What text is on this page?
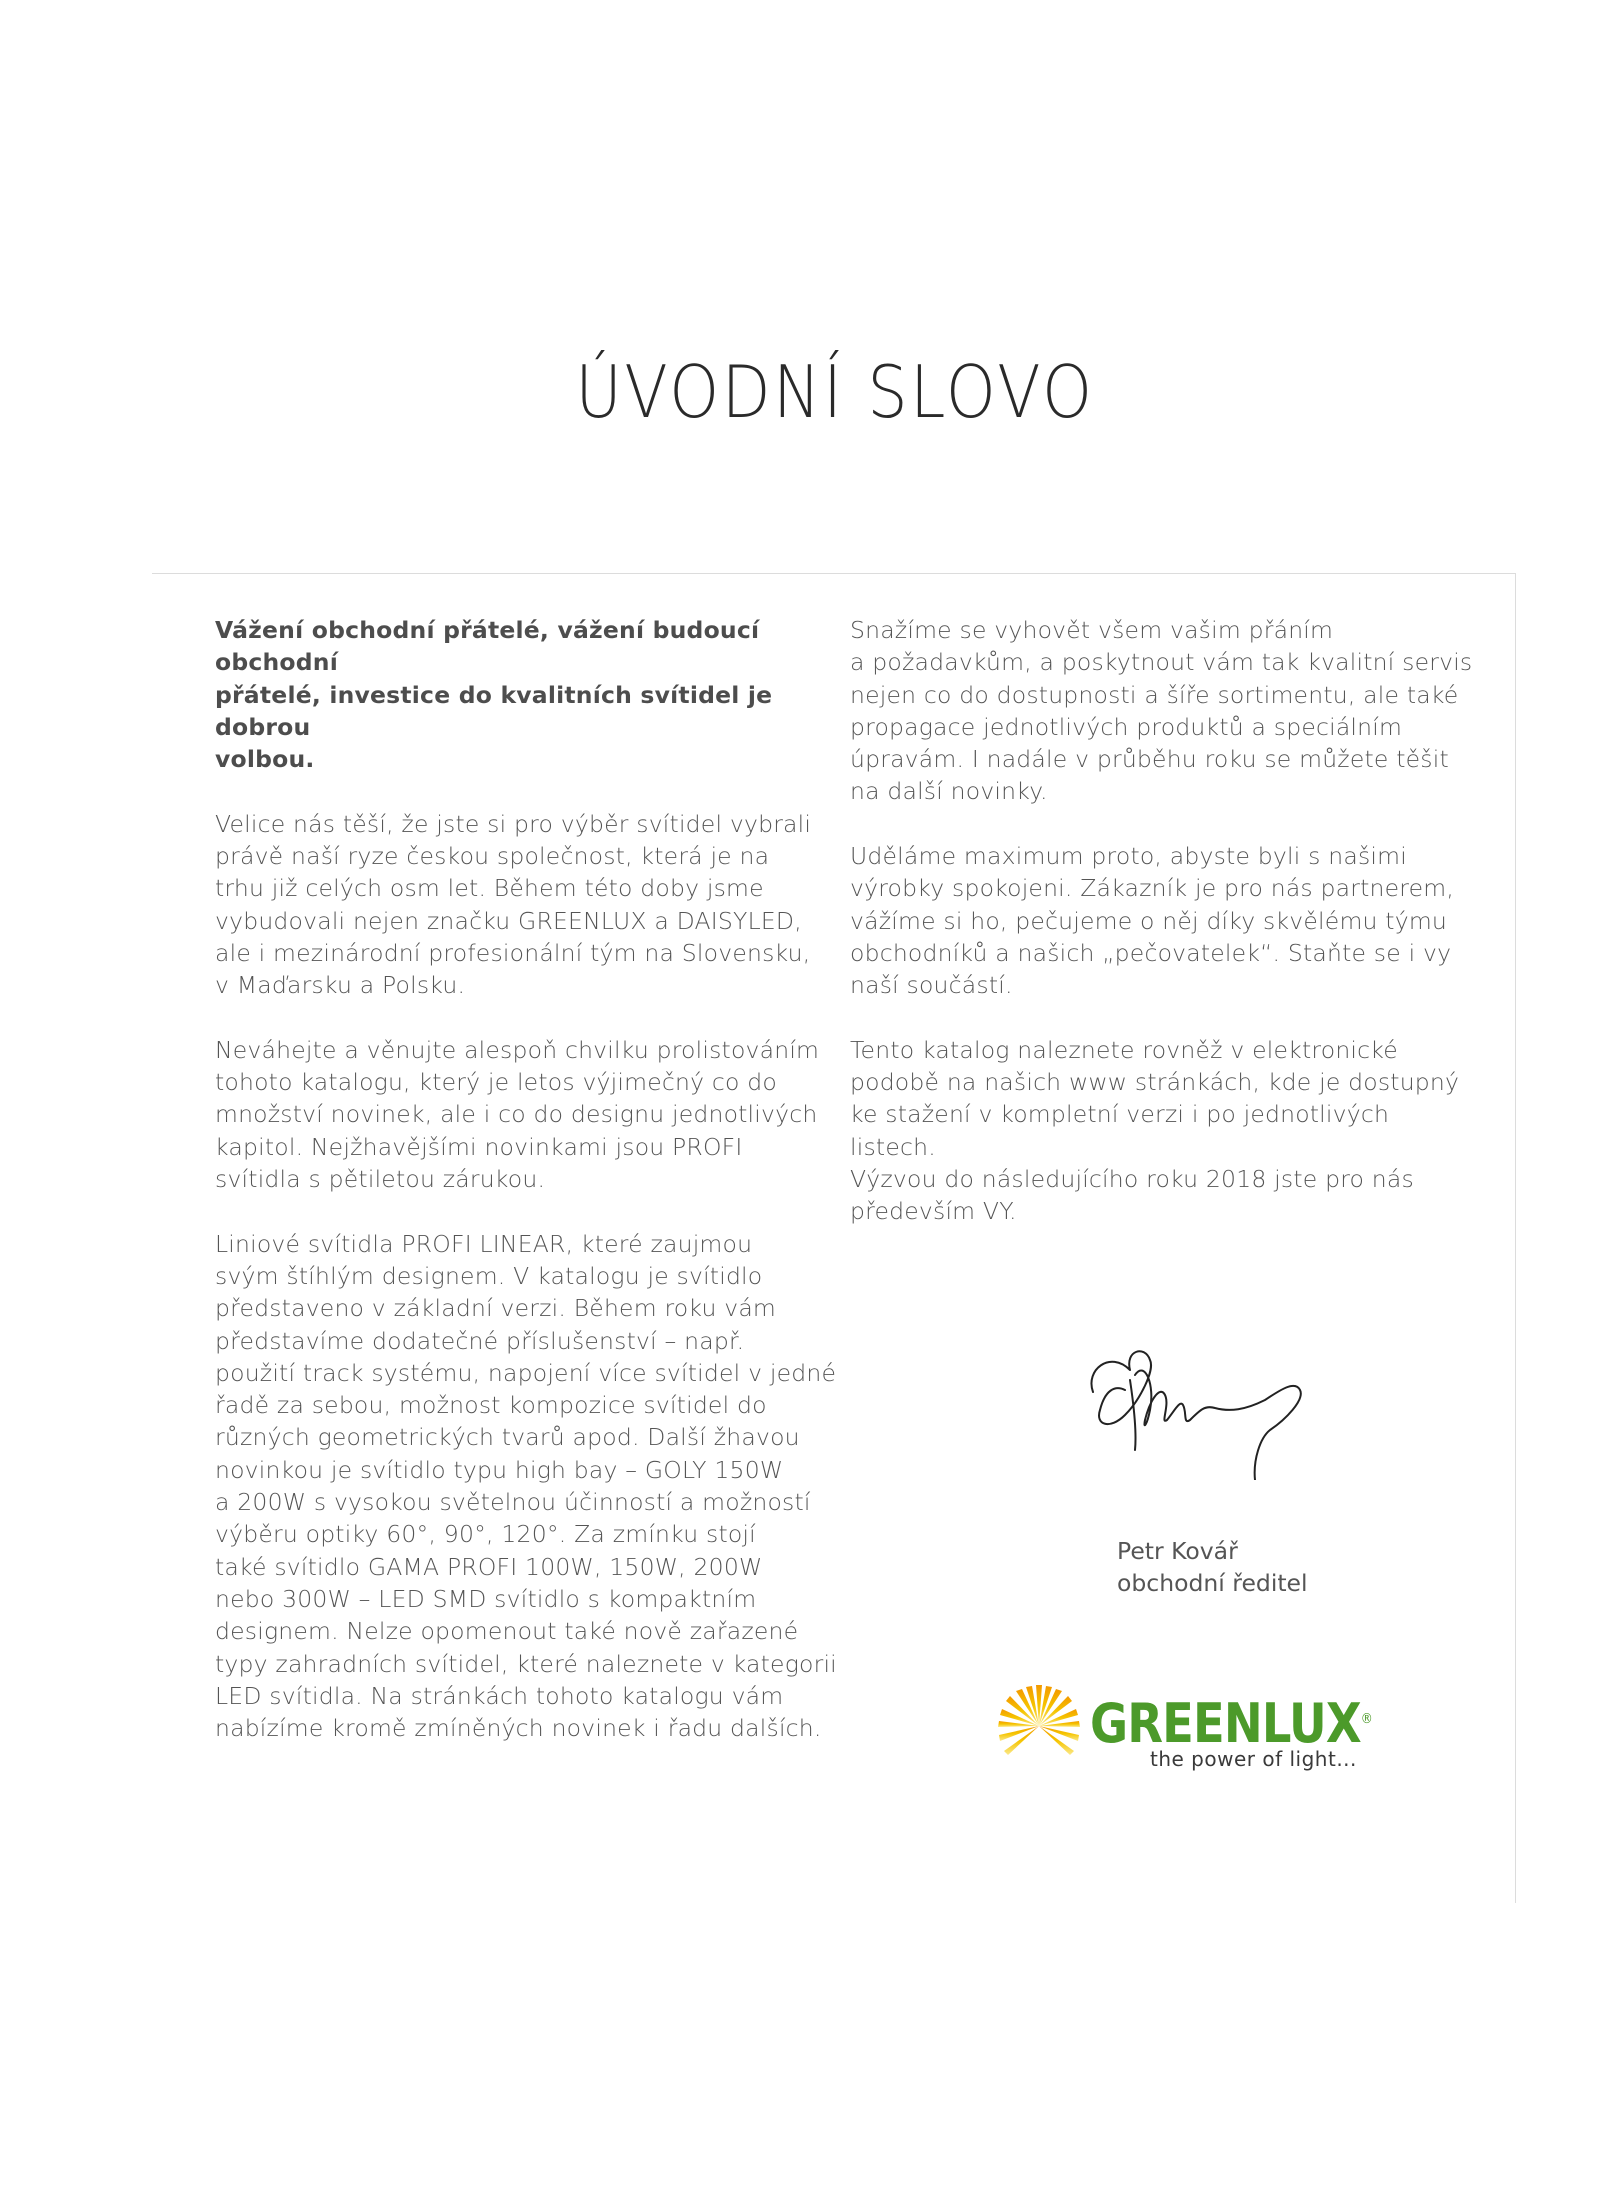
ÚVODNÍ SLOVO

Vážení obchodní přátelé, vážení budoucí obchodní
přátelé, investice do kvalitních svítidel je dobrou
volbou.

Velice nás těší, že jste si pro výběr svítidel vybrali
právě naší ryze českou společnost, která je na
trhu již celých osm let. Během této doby jsme
vybudovali nejen značku GREENLUX a DAISYLED,
ale i mezinárodní profesionální tým na Slovensku,
v Maďarsku a Polsku.

Neváhejte a věnujte alespoň chvilku prolistováním
tohoto katalogu, který je letos výjimečný co do
množství novinek, ale i co do designu jednotlivých
kapitol. Nejžhavějšími novinkami jsou PROFI
svítidla s pětiletou zárukou.

Liniové svítidla PROFI LINEAR, které zaujmou
svým štíhlým designem. V katalogu je svítidlo
představeno v základní verzi. Během roku vám
představíme dodatečné příslušenství – např.
použití track systému, napojení více svítidel v jedné
řadě za sebou, možnost kompozice svítidel do
různých geometrických tvarů apod. Další žhavou
novinkou je svítidlo typu high bay – GOLY 150W
a 200W s vysokou světelnou účinností a možností
výběru optiky 60°, 90°, 120°. Za zmínku stojí
také svítidlo GAMA PROFI 100W, 150W, 200W
nebo 300W – LED SMD svítidlo s kompaktním
designem. Nelze opomenout také nově zařazené
typy zahradních svítidel, které naleznete v kategorii
LED svítidla. Na stránkách tohoto katalogu vám
nabízíme kromě zmíněných novinek i řadu dalších.

Snažíme se vyhovět všem vašim přáním
a požadavkům, a poskytnout vám tak kvalitní servis
nejen co do dostupnosti a šíře sortimentu, ale také
propagace jednotlivých produktů a speciálním
úpravám. I nadále v průběhu roku se můžete těšit
na další novinky.

Uděláme maximum proto, abyste byli s našimi
výrobky spokojeni. Zákazník je pro nás partnerem,
vážíme si ho, pečujeme o něj díky skvělému týmu
obchodníků a našich „pečovatelek“. Staňte se i vy
naší součástí.

Tento katalog naleznete rovněž v elektronické
podobě na našich www stránkách, kde je dostupný
ke stažení v kompletní verzi i po jednotlivých
listech.
Výzvou do následujícího roku 2018 jste pro nás
především VY.

Petr Kovář
obchodní ředitel
GREENLUX®
the power of light...
